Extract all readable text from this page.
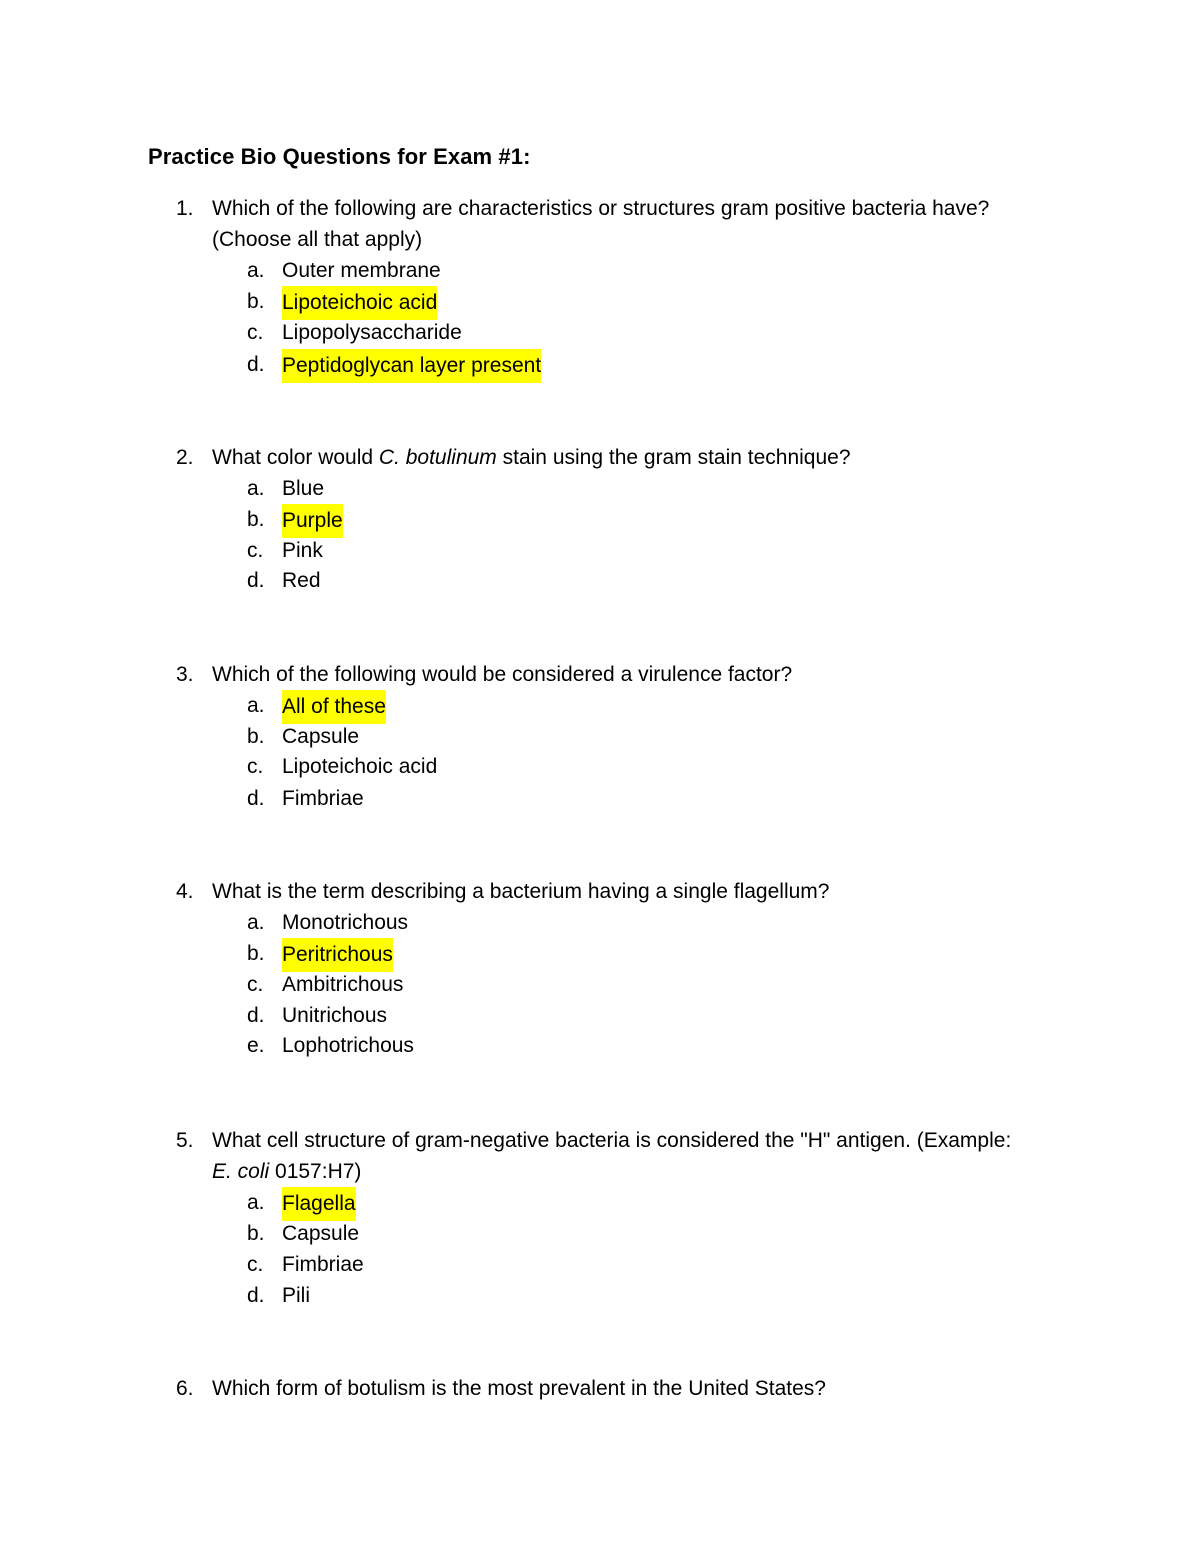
Practice Bio Questions for Exam #1:
1. Which of the following are characteristics or structures gram positive bacteria have?
(Choose all that apply)
a. Outer membrane
b. Lipoteichoic acid
c. Lipopolysaccharide
d. Peptidoglycan layer present
2. What color would C. botulinum stain using the gram stain technique?
a. Blue
b. Purple
c. Pink
d. Red
3. Which of the following would be considered a virulence factor?
a. All of these
b. Capsule
c. Lipoteichoic acid
d. Fimbriae
4. What is the term describing a bacterium having a single flagellum?
a. Monotrichous
b. Peritrichous
c. Ambitrichous
d. Unitrichous
e. Lophotrichous
5. What cell structure of gram-negative bacteria is considered the "H" antigen. (Example:
E. coli 0157:H7)
a. Flagella
b. Capsule
c. Fimbriae
d. Pili
6. Which form of botulism is the most prevalent in the United States?
